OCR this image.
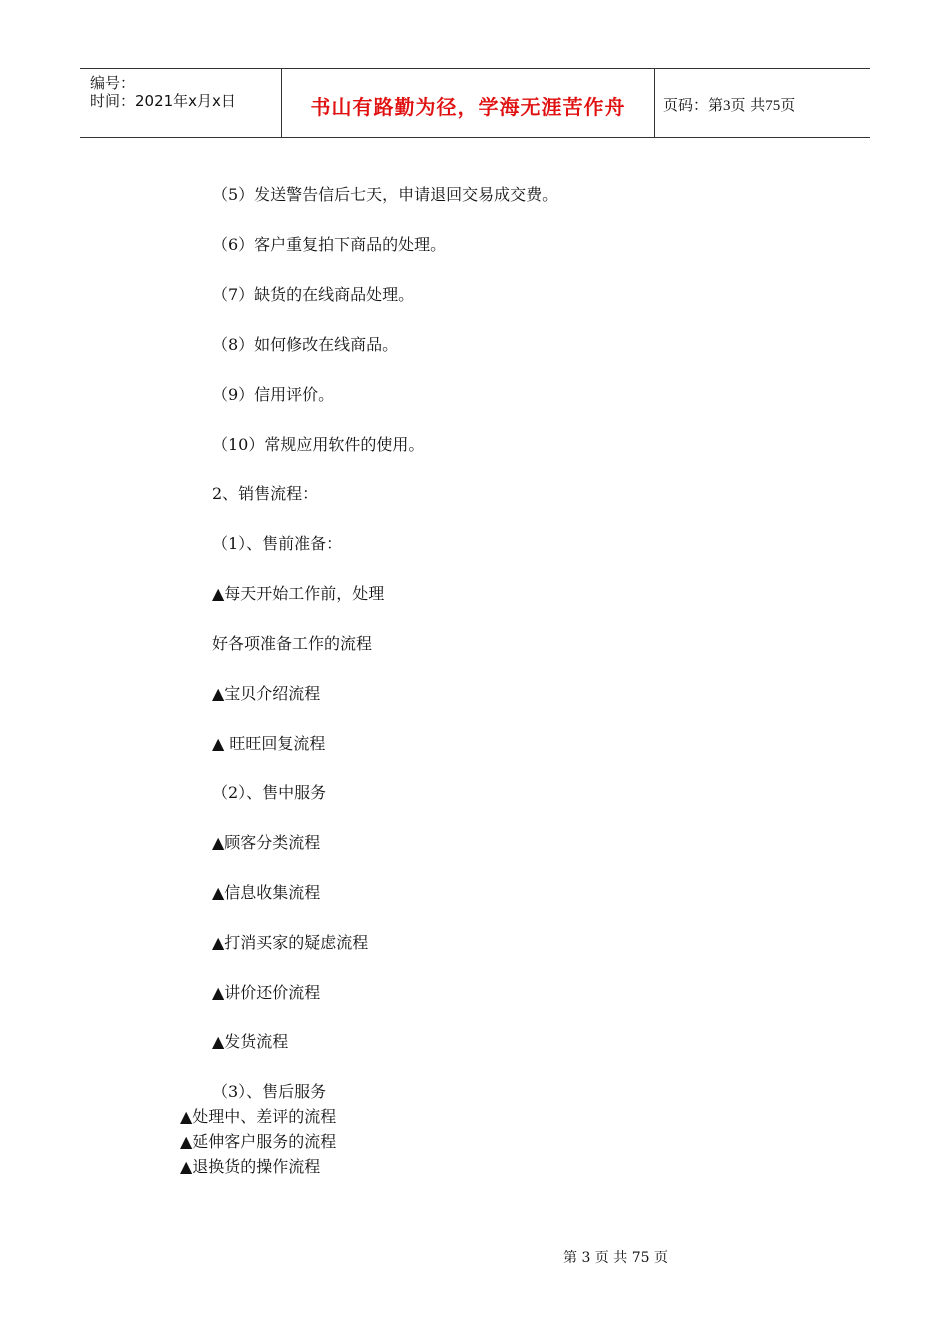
编号：
时间：2021年x月x日	书山有路勤为径，学海无涯苦作舟	页码：第3页 共75页
（5）发送警告信后七天，申请退回交易成交费。
（6）客户重复拍下商品的处理。
（7）缺货的在线商品处理。
（8）如何修改在线商品。
（9）信用评价。
（10）常规应用软件的使用。
2、销售流程：
（1）、售前准备：
▲每天开始工作前，处理
好各项准备工作的流程
▲宝贝介绍流程
▲ 旺旺回复流程
（2）、售中服务
▲顾客分类流程
▲信息收集流程
▲打消买家的疑虑流程
▲讲价还价流程
▲发货流程
（3）、售后服务
▲处理中、差评的流程
▲延伸客户服务的流程
▲退换货的操作流程
第 3 页 共 75 页
